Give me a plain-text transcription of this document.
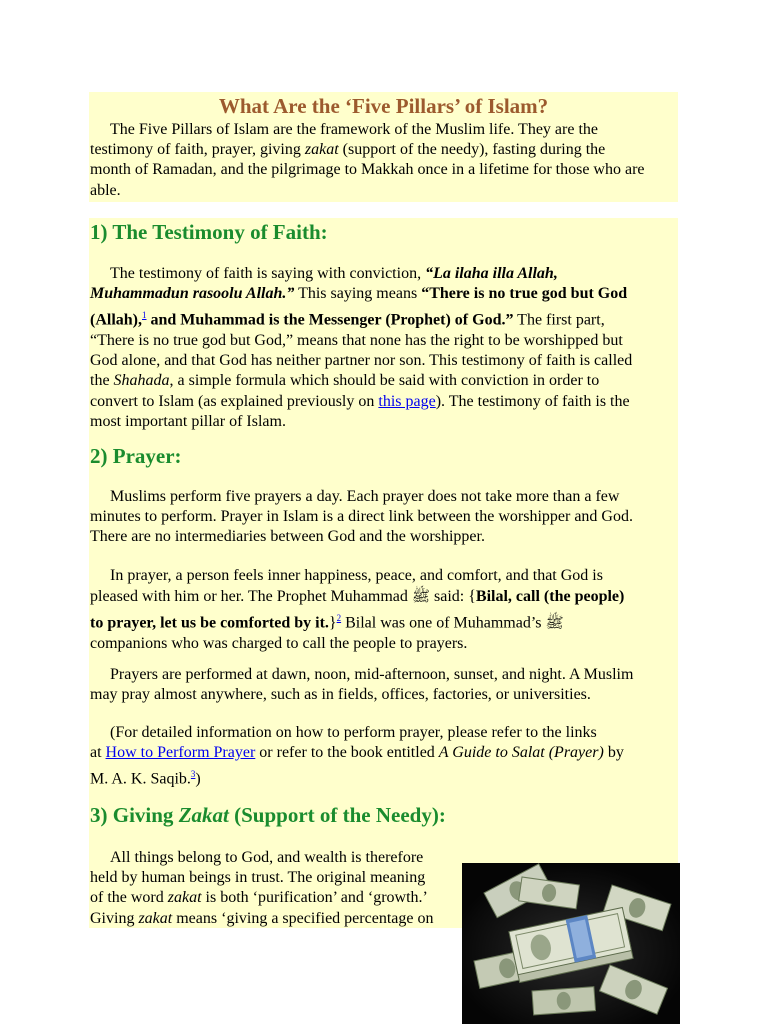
What Are the ‘Five Pillars’ of Islam?
The Five Pillars of Islam are the framework of the Muslim life. They are the
testimony of faith, prayer, giving zakat (support of the needy), fasting during the
month of Ramadan, and the pilgrimage to Makkah once in a lifetime for those who are
able.
1) The Testimony of Faith:
The testimony of faith is saying with conviction, “La ilaha illa Allah,
Muhammadun rasoolu Allah.” This saying means “There is no true god but God
(Allah),$^1$ and Muhammad is the Messenger (Prophet) of God.” The first part,
“There is no true god but God,” means that none has the right to be worshipped but
God alone, and that God has neither partner nor son. This testimony of faith is called
the Shahada, a simple formula which should be said with conviction in order to
convert to Islam (as explained previously on this page). The testimony of faith is the
most important pillar of Islam.
2) Prayer:
Muslims perform five prayers a day. Each prayer does not take more than a few
minutes to perform. Prayer in Islam is a direct link between the worshipper and God.
There are no intermediaries between God and the worshipper.
In prayer, a person feels inner happiness, peace, and comfort, and that God is
pleased with him or her. The Prophet Muhammad ﷺ said: {Bilal, call (the people)
to prayer, let us be comforted by it.}$^2$ Bilal was one of Muhammad’s ﷺ
companions who was charged to call the people to prayers.
Prayers are performed at dawn, noon, mid-afternoon, sunset, and night. A Muslim
may pray almost anywhere, such as in fields, offices, factories, or universities.
(For detailed information on how to perform prayer, please refer to the links
at How to Perform Prayer or refer to the book entitled A Guide to Salat (Prayer) by
M. A. K. Saqib.$^3$)
3) Giving Zakat (Support of the Needy):
All things belong to God, and wealth is therefore
held by human beings in trust. The original meaning
of the word zakat is both ‘purification’ and ‘growth.’
Giving zakat means ‘giving a specified percentage on
